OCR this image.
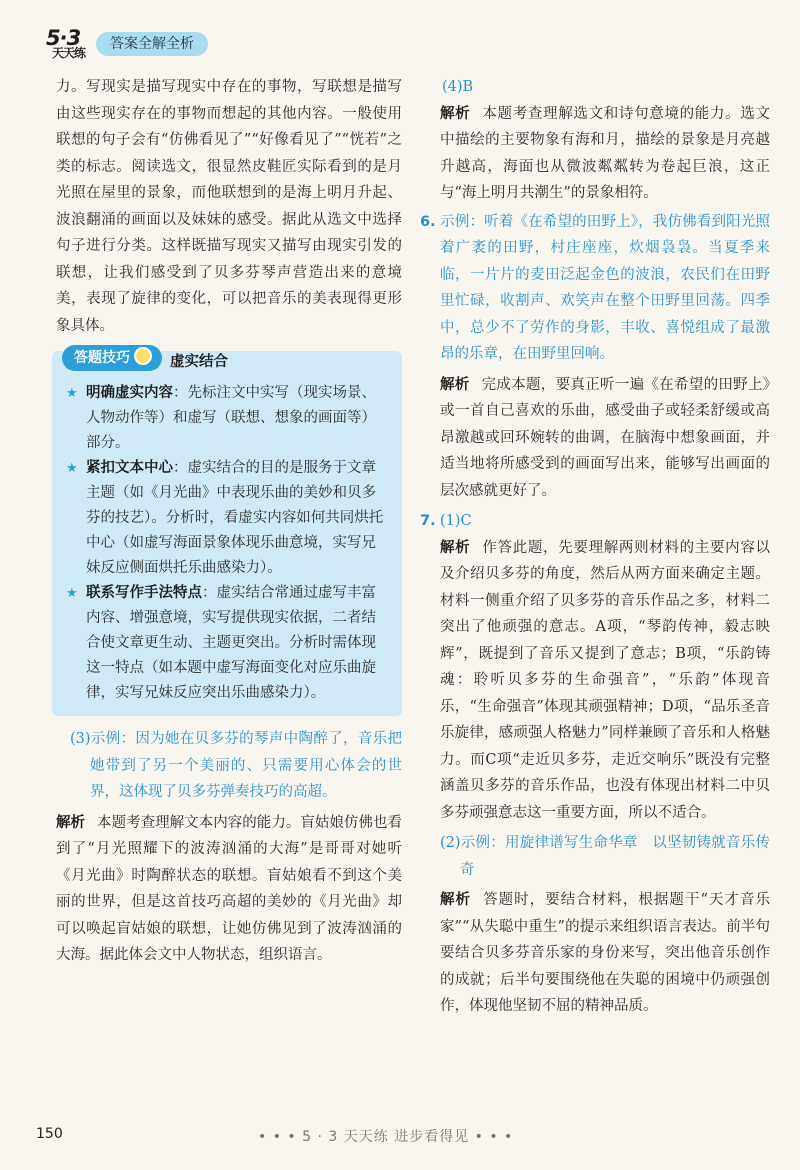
5·3
天天练
答案全解全析

力。写现实是描写现实中存在的事物，写联想是描写由这些现实存在的事物而想起的其他内容。一般使用联想的句子会有“仿佛看见了”“好像看见了”“恍若”之类的标志。阅读选文，很显然皮鞋匠实际看到的是月光照在屋里的景象，而他联想到的是海上明月升起、波浪翻涌的画面以及妹妹的感受。据此从选文中选择句子进行分类。这样既描写现实又描写由现实引发的联想，让我们感受到了贝多芬琴声营造出来的意境美，表现了旋律的变化，可以把音乐的美表现得更形象具体。

答题技巧	虚实结合
★ 明确虚实内容：先标注文中实写（现实场景、人物动作等）和虚写（联想、想象的画面等）部分。
★ 紧扣文本中心：虚实结合的目的是服务于文章主题（如《月光曲》中表现乐曲的美妙和贝多芬的技艺）。分析时，看虚实内容如何共同烘托中心（如虚写海面景象体现乐曲意境，实写兄妹反应侧面烘托乐曲感染力）。
★ 联系写作手法特点：虚实结合常通过虚写丰富内容、增强意境，实写提供现实依据，二者结合使文章更生动、主题更突出。分析时需体现这一特点（如本题中虚写海面变化对应乐曲旋律，实写兄妹反应突出乐曲感染力）。

(3)示例：因为她在贝多芬的琴声中陶醉了，音乐把她带到了另一个美丽的、只需要用心体会的世界，这体现了贝多芬弹奏技巧的高超。

解析 本题考查理解文本内容的能力。盲姑娘仿佛也看到了“月光照耀下的波涛汹涌的大海”是哥哥对她听《月光曲》时陶醉状态的联想。盲姑娘看不到这个美丽的世界，但是这首技巧高超的美妙的《月光曲》却可以唤起盲姑娘的联想，让她仿佛见到了波涛汹涌的大海。据此体会文中人物状态，组织语言。

(4)B

解析 本题考查理解选文和诗句意境的能力。选文中描绘的主要物象有海和月，描绘的景象是月亮越升越高，海面也从微波粼粼转为卷起巨浪，这正与“海上明月共潮生”的景象相符。

6. 示例：听着《在希望的田野上》，我仿佛看到阳光照着广袤的田野，村庄座座，炊烟袅袅。当夏季来临，一片片的麦田泛起金色的波浪，农民们在田野里忙碌，收割声、欢笑声在整个田野里回荡。四季中，总少不了劳作的身影，丰收、喜悦组成了最激昂的乐章，在田野里回响。

解析 完成本题，要真正听一遍《在希望的田野上》或一首自己喜欢的乐曲，感受曲子或轻柔舒缓或高昂激越或回环婉转的曲调，在脑海中想象画面，并适当地将所感受到的画面写出来，能够写出画面的层次感就更好了。

7. (1)C

解析 作答此题，先要理解两则材料的主要内容以及介绍贝多芬的角度，然后从两方面来确定主题。材料一侧重介绍了贝多芬的音乐作品之多，材料二突出了他顽强的意志。A项，“琴韵传神，毅志映辉”，既提到了音乐又提到了意志；B项，“乐韵铸魂：聆听贝多芬的生命强音”，“乐韵”体现音乐，“生命强音”体现其顽强精神；D项，“品乐圣音乐旋律，感顽强人格魅力”同样兼顾了音乐和人格魅力。而C项“走近贝多芬，走近交响乐”既没有完整涵盖贝多芬的音乐作品，也没有体现出材料二中贝多芬顽强意志这一重要方面，所以不适合。

(2)示例：用旋律谱写生命华章　以坚韧铸就音乐传奇

解析 答题时，要结合材料，根据题干“天才音乐家”“从失聪中重生”的提示来组织语言表达。前半句要结合贝多芬音乐家的身份来写，突出他音乐创作的成就；后半句要围绕他在失聪的困境中仍顽强创作，体现他坚韧不屈的精神品质。

150	• • • 5 · 3 天天练 进步看得见 • • •
